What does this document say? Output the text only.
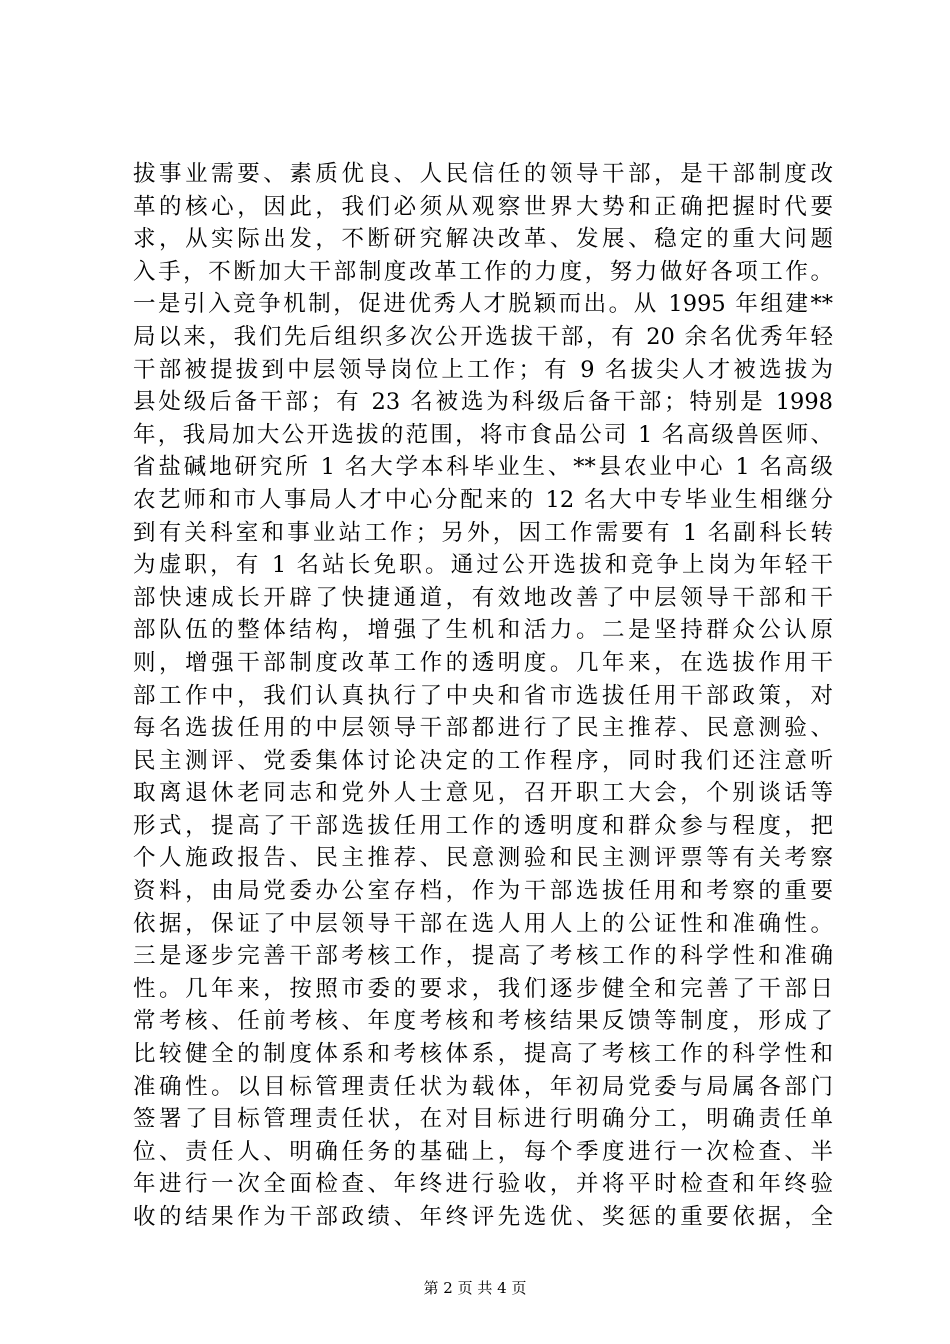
拔事业需要、素质优良、人民信任的领导干部，是干部制度改
革的核心，因此，我们必须从观察世界大势和正确把握时代要
求，从实际出发，不断研究解决改革、发展、稳定的重大问题
入手，不断加大干部制度改革工作的力度，努力做好各项工作。
一是引入竞争机制，促进优秀人才脱颖而出。从 1995 年组建**
局以来，我们先后组织多次公开选拔干部，有 20 余名优秀年轻
干部被提拔到中层领导岗位上工作；有 9 名拔尖人才被选拔为
县处级后备干部；有 23 名被选为科级后备干部；特别是 1998
年，我局加大公开选拔的范围，将市食品公司 1 名高级兽医师、
省盐碱地研究所 1 名大学本科毕业生、**县农业中心 1 名高级
农艺师和市人事局人才中心分配来的 12 名大中专毕业生相继分
到有关科室和事业站工作；另外，因工作需要有 1 名副科长转
为虚职，有 1 名站长免职。通过公开选拔和竞争上岗为年轻干
部快速成长开辟了快捷通道，有效地改善了中层领导干部和干
部队伍的整体结构，增强了生机和活力。二是坚持群众公认原
则，增强干部制度改革工作的透明度。几年来，在选拔作用干
部工作中，我们认真执行了中央和省市选拔任用干部政策，对
每名选拔任用的中层领导干部都进行了民主推荐、民意测验、
民主测评、党委集体讨论决定的工作程序，同时我们还注意听
取离退休老同志和党外人士意见，召开职工大会，个别谈话等
形式，提高了干部选拔任用工作的透明度和群众参与程度，把
个人施政报告、民主推荐、民意测验和民主测评票等有关考察
资料，由局党委办公室存档，作为干部选拔任用和考察的重要
依据，保证了中层领导干部在选人用人上的公证性和准确性。
三是逐步完善干部考核工作，提高了考核工作的科学性和准确
性。几年来，按照市委的要求，我们逐步健全和完善了干部日
常考核、任前考核、年度考核和考核结果反馈等制度，形成了
比较健全的制度体系和考核体系，提高了考核工作的科学性和
准确性。以目标管理责任状为载体，年初局党委与局属各部门
签署了目标管理责任状，在对目标进行明确分工，明确责任单
位、责任人、明确任务的基础上，每个季度进行一次检查、半
年进行一次全面检查、年终进行验收，并将平时检查和年终验
收的结果作为干部政绩、年终评先选优、奖惩的重要依据，全
第 2 页 共 4 页
